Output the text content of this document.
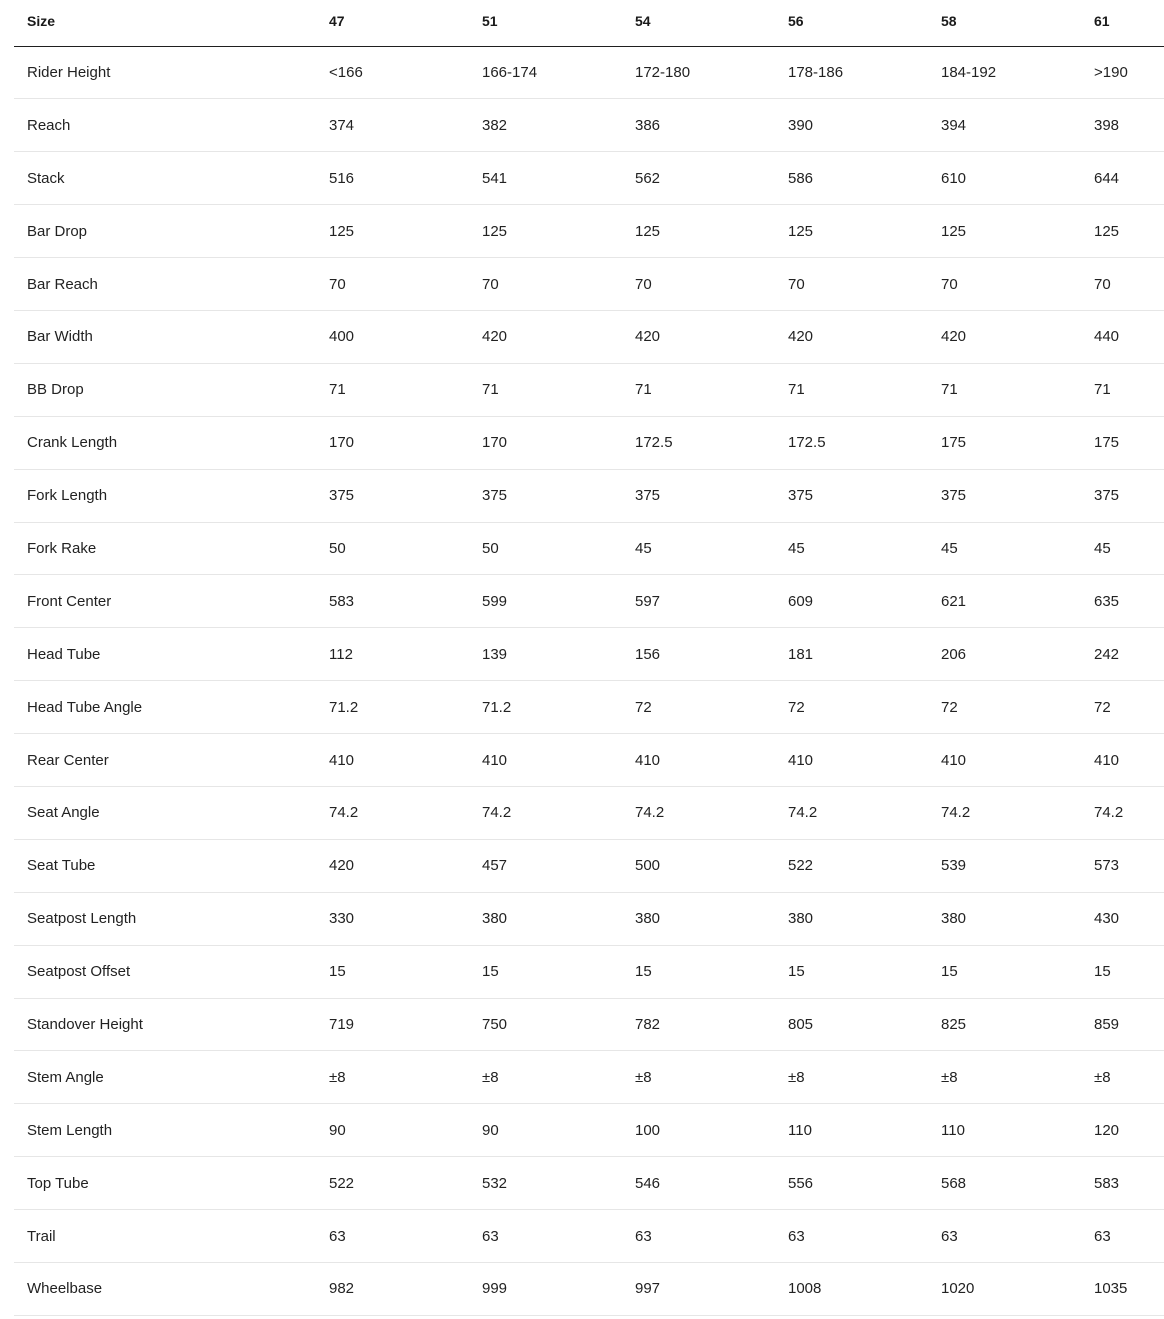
Size	47	51	54	56	58	61
Rider Height	<166	166-174	172-180	178-186	184-192	>190
Reach	374	382	386	390	394	398
Stack	516	541	562	586	610	644
Bar Drop	125	125	125	125	125	125
Bar Reach	70	70	70	70	70	70
Bar Width	400	420	420	420	420	440
BB Drop	71	71	71	71	71	71
Crank Length	170	170	172.5	172.5	175	175
Fork Length	375	375	375	375	375	375
Fork Rake	50	50	45	45	45	45
Front Center	583	599	597	609	621	635
Head Tube	112	139	156	181	206	242
Head Tube Angle	71.2	71.2	72	72	72	72
Rear Center	410	410	410	410	410	410
Seat Angle	74.2	74.2	74.2	74.2	74.2	74.2
Seat Tube	420	457	500	522	539	573
Seatpost Length	330	380	380	380	380	430
Seatpost Offset	15	15	15	15	15	15
Standover Height	719	750	782	805	825	859
Stem Angle	±8	±8	±8	±8	±8	±8
Stem Length	90	90	100	110	110	120
Top Tube	522	532	546	556	568	583
Trail	63	63	63	63	63	63
Wheelbase	982	999	997	1008	1020	1035
